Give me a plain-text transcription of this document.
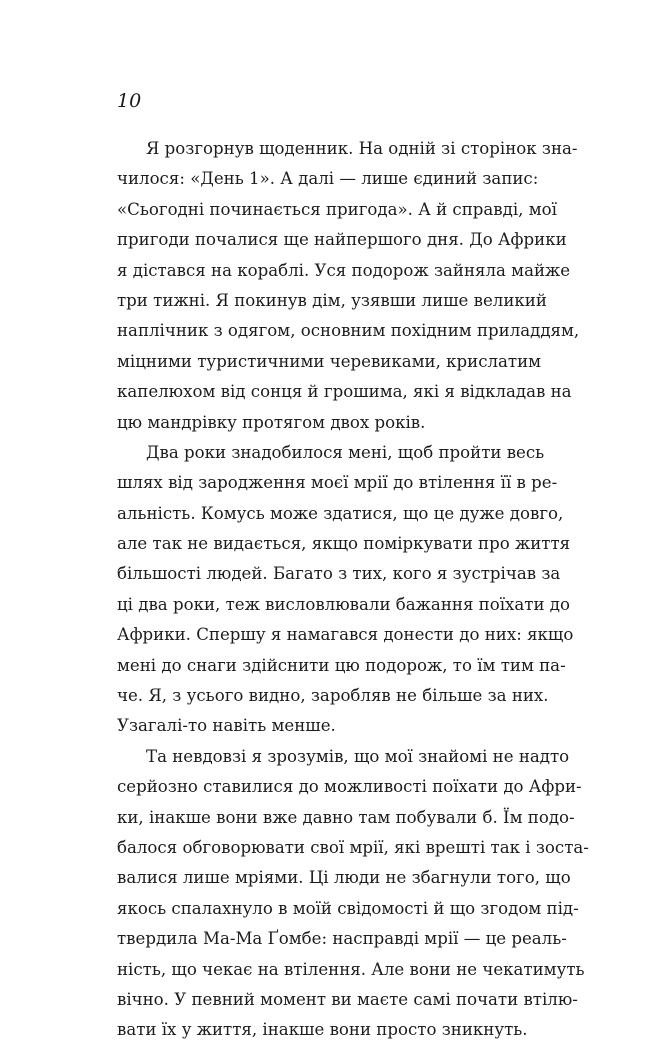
10
Я розгорнув щоденник. На одній зі сторінок зна-
чилося: «День 1». А далі — лише єдиний запис:
«Сьогодні починається пригода». А й справді, мої
пригоди почалися ще найпершого дня. До Африки
я дістався на кораблі. Уся подорож зайняла майже
три тижні. Я покинув дім, узявши лише великий
наплічник з одягом, основним похідним приладдям,
міцними туристичними черевиками, крислатим
капелюхом від сонця й грошима, які я відкладав на
цю мандрівку протягом двох років.
Два роки знадобилося мені, щоб пройти весь
шлях від зародження моєї мрії до втілення її в ре-
альність. Комусь може здатися, що це дуже довго,
але так не видається, якщо поміркувати про життя
більшості людей. Багато з тих, кого я зустрічав за
ці два роки, теж висловлювали бажання поїхати до
Африки. Спершу я намагався донести до них: якщо
мені до снаги здійснити цю подорож, то їм тим па-
че. Я, з усього видно, заробляв не більше за них.
Узагалі-то навіть менше.
Та невдовзі я зрозумів, що мої знайомі не надто
серйозно ставилися до можливості поїхати до Афри-
ки, інакше вони вже давно там побували б. Їм подо-
балося обговорювати свої мрії, які врешті так і зоста-
валися лише мріями. Ці люди не збагнули того, що
якось спалахнуло в моїй свідомості й що згодом під-
твердила Ма-Ма Ґомбе: насправді мрії — це реаль-
ність, що чекає на втілення. Але вони не чекатимуть
вічно. У певний момент ви маєте самі почати втілю-
вати їх у життя, інакше вони просто зникнуть.
